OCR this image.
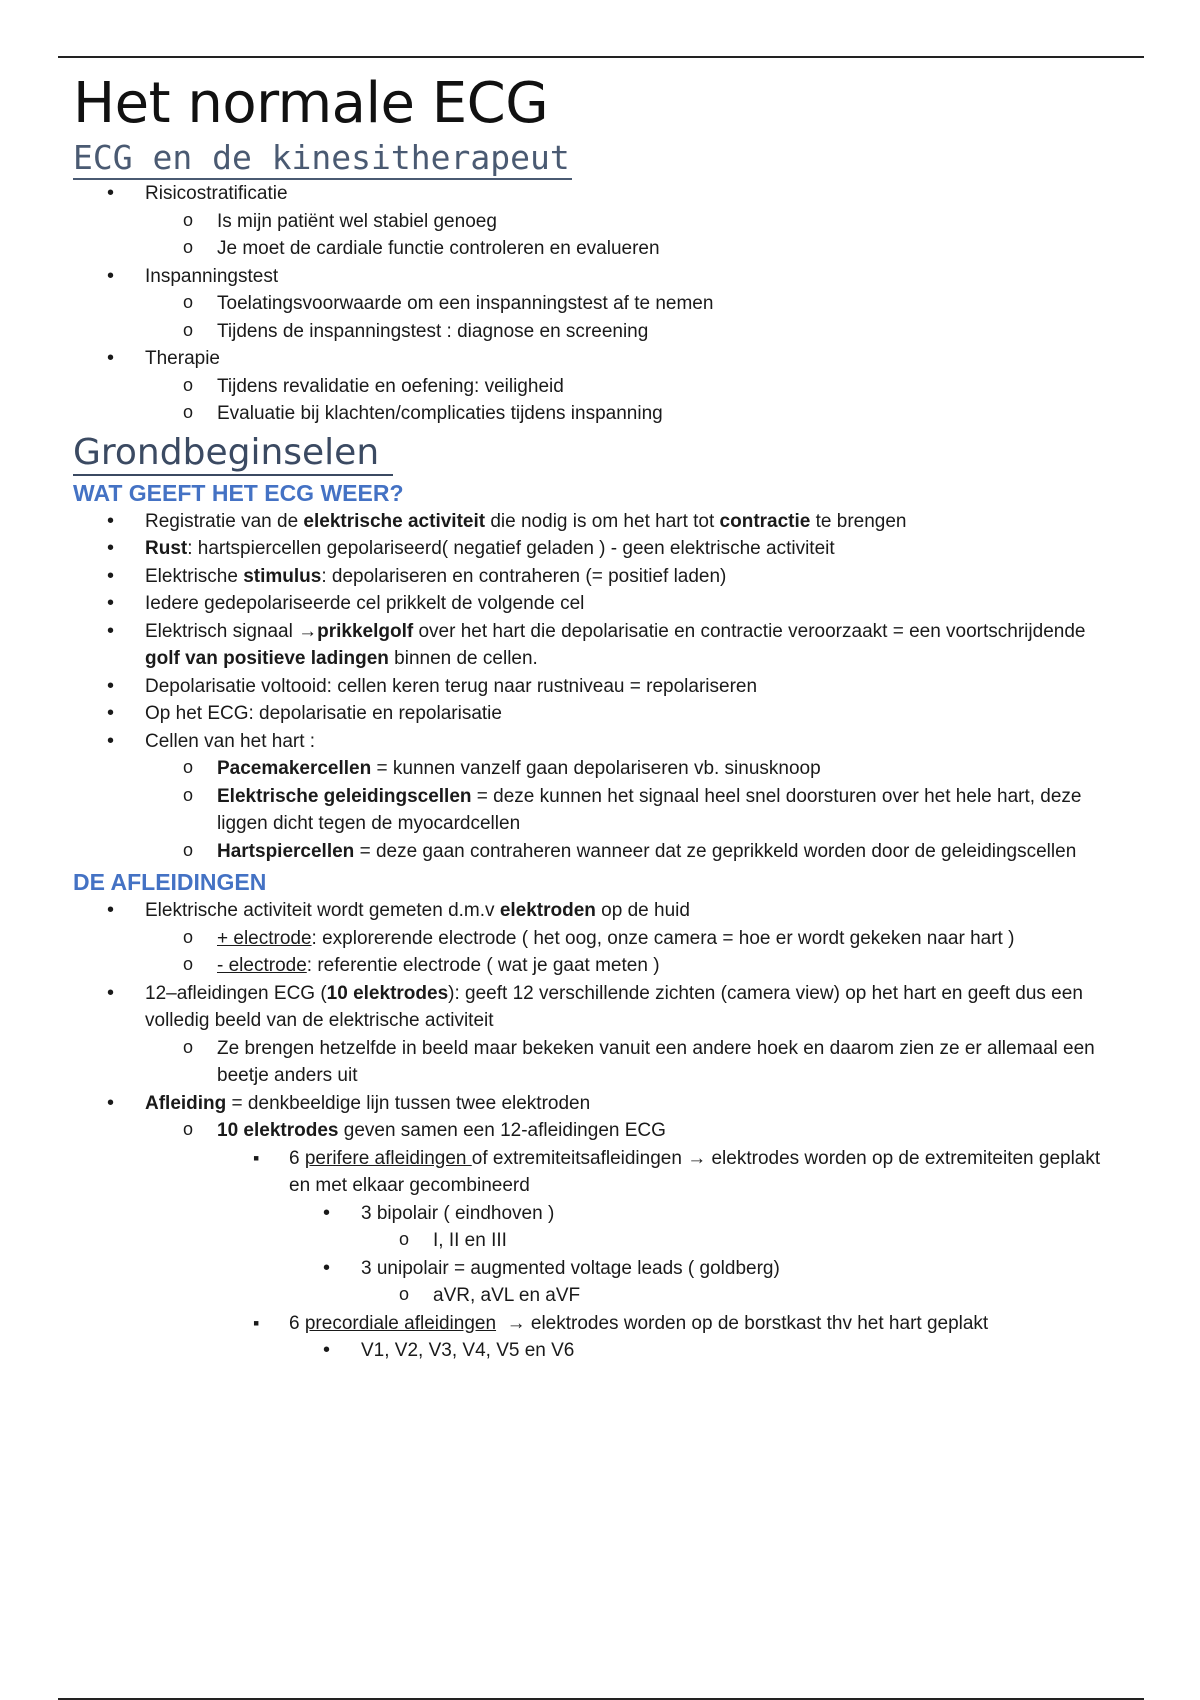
Het normale ECG
ECG en de kinesitherapeut
• Risicostratificatie
o Is mijn patiënt wel stabiel genoeg
o Je moet de cardiale functie controleren en evalueren
• Inspanningstest
o Toelatingsvoorwaarde om een inspanningstest af te nemen
o Tijdens de inspanningstest : diagnose en screening
• Therapie
o Tijdens revalidatie en oefening: veiligheid
o Evaluatie bij klachten/complicaties tijdens inspanning
Grondbeginselen
WAT GEEFT HET ECG WEER?
• Registratie van de elektrische activiteit die nodig is om het hart tot contractie te brengen
• Rust: hartspiercellen gepolariseerd( negatief geladen ) - geen elektrische activiteit
• Elektrische stimulus: depolariseren en contraheren (= positief laden)
• Iedere gedepolariseerde cel prikkelt de volgende cel
• Elektrisch signaal →prikkelgolf over het hart die depolarisatie en contractie veroorzaakt = een voortschrijdende golf van positieve ladingen binnen de cellen.
• Depolarisatie voltooid: cellen keren terug naar rustniveau = repolariseren
• Op het ECG: depolarisatie en repolarisatie
• Cellen van het hart :
o Pacemakercellen = kunnen vanzelf gaan depolariseren vb. sinusknoop
o Elektrische geleidingscellen = deze kunnen het signaal heel snel doorsturen over het hele hart, deze liggen dicht tegen de myocardcellen
o Hartspiercellen = deze gaan contraheren wanneer dat ze geprikkeld worden door de geleidingscellen
DE AFLEIDINGEN
• Elektrische activiteit wordt gemeten d.m.v elektroden op de huid
o + electrode: explorerende electrode ( het oog, onze camera = hoe er wordt gekeken naar hart )
o - electrode: referentie electrode ( wat je gaat meten )
• 12–afleidingen ECG (10 elektrodes): geeft 12 verschillende zichten (camera view) op het hart en geeft dus een volledig beeld van de elektrische activiteit
o Ze brengen hetzelfde in beeld maar bekeken vanuit een andere hoek en daarom zien ze er allemaal een beetje anders uit
• Afleiding = denkbeeldige lijn tussen twee elektroden
o 10 elektrodes geven samen een 12-afleidingen ECG
▪ 6 perifere afleidingen of extremiteitsafleidingen → elektrodes worden op de extremiteiten geplakt en met elkaar gecombineerd
• 3 bipolair ( eindhoven )
o I, II en III
• 3 unipolair = augmented voltage leads ( goldberg)
o aVR, aVL en aVF
▪ 6 precordiale afleidingen → elektrodes worden op de borstkast thv het hart geplakt
• V1, V2, V3, V4, V5 en V6
